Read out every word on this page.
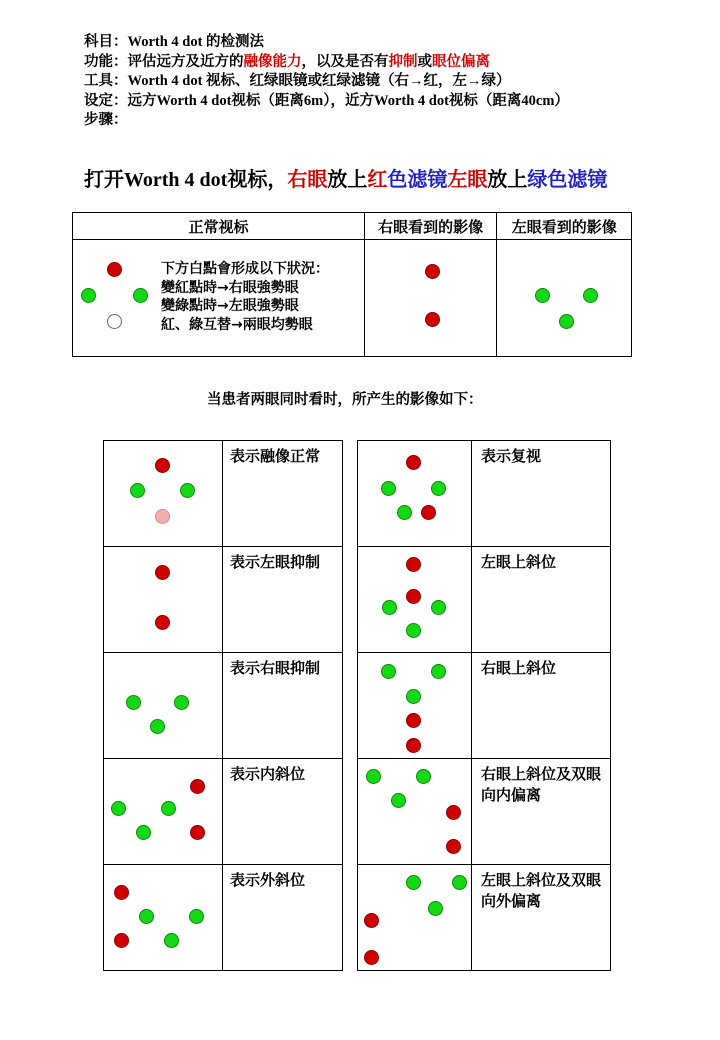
科目：Worth 4 dot 的检测法
功能：评估远方及近方的融像能力，以及是否有抑制或眼位偏离
工具：Worth 4 dot 视标、红绿眼镜或红绿滤镜（右→红，左→绿）
设定：远方Worth 4 dot视标（距离6m），近方Worth 4 dot视标（距离40cm）
步骤：
打开Worth 4 dot视标，右眼放上红色滤镜左眼放上绿色滤镜
正常视标	右眼看到的影像	左眼看到的影像

下方白點會形成以下狀況：
變紅點時→右眼強勢眼
變綠點時→左眼強勢眼
紅、綠互替→兩眼均勢眼		

当患者两眼同时看时，所产生的影像如下：
	表示融像正常			表示复视

	表示左眼抑制			左眼上斜位

	表示右眼抑制			右眼上斜位

	表示内斜位			右眼上斜位及双眼向内偏离

	表示外斜位			左眼上斜位及双眼向外偏离
